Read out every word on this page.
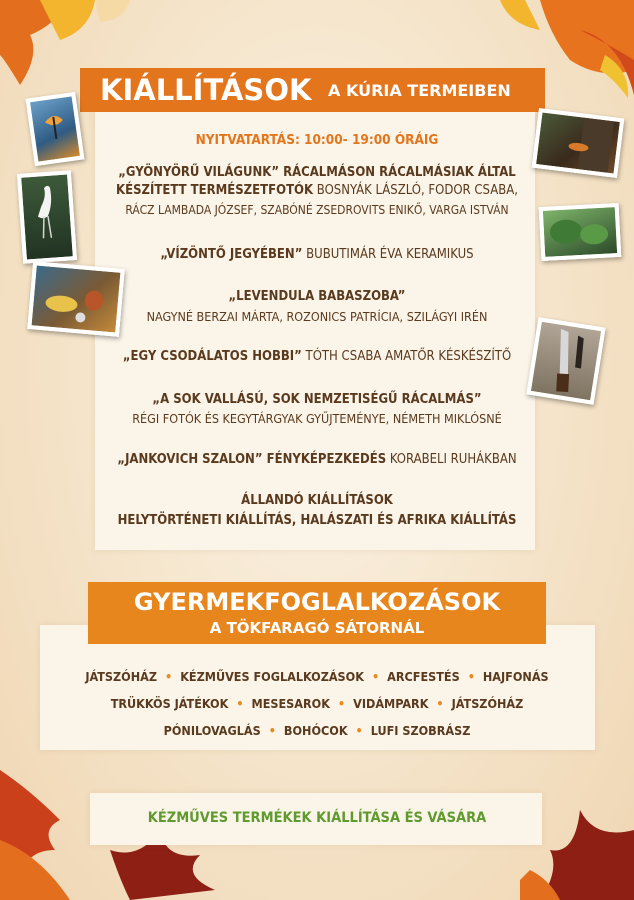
KIÁLLÍTÁSOK A KÚRIA TERMEIBEN
NYITVATARTÁS: 10:00- 19:00 ÓRÁIG
„GYÖNYÖRŰ VILÁGUNK” RÁCALMÁSON RÁCALMÁSIAK ÁLTAL
KÉSZÍTETT TERMÉSZETFOTÓK BOSNYÁK LÁSZLÓ, FODOR CSABA,
RÁCZ LAMBADA JÓZSEF, SZABÓNÉ ZSEDROVITS ENIKŐ, VARGA ISTVÁN
„VÍZÖNTŐ JEGYÉBEN” BUBUTIMÁR ÉVA KERAMIKUS
„LEVENDULA BABASZOBA”
NAGYNÉ BERZAI MÁRTA, ROZONICS PATRÍCIA, SZILÁGYI IRÉN
„EGY CSODÁLATOS HOBBI” TÓTH CSABA AMATŐR KÉSKÉSZÍTŐ
„A SOK VALLÁSÚ, SOK NEMZETISÉGŰ RÁCALMÁS”
RÉGI FOTÓK ÉS KEGYTÁRGYAK GYŰJTEMÉNYE, NÉMETH MIKLÓSNÉ
„JANKOVICH SZALON” FÉNYKÉPEZKEDÉS KORABELI RUHÁKBAN
ÁLLANDÓ KIÁLLÍTÁSOK
HELYTÖRTÉNETI KIÁLLÍTÁS, HALÁSZATI ÉS AFRIKA KIÁLLÍTÁS
GYERMEKFOGLALKOZÁSOK
A TÖKFARAGÓ SÁTORNÁL
JÁTSZÓHÁZ • KÉZMŰVES FOGLALKOZÁSOK • ARCFESTÉS • HAJFONÁS
TRÜKKÖS JÁTÉKOK • MESESAROK • VIDÁMPARK • JÁTSZÓHÁZ
PÓNILOVAGLÁS • BOHÓCOK • LUFI SZOBRÁSZ
KÉZMŰVES TERMÉKEK KIÁLLÍTÁSA ÉS VÁSÁRA
